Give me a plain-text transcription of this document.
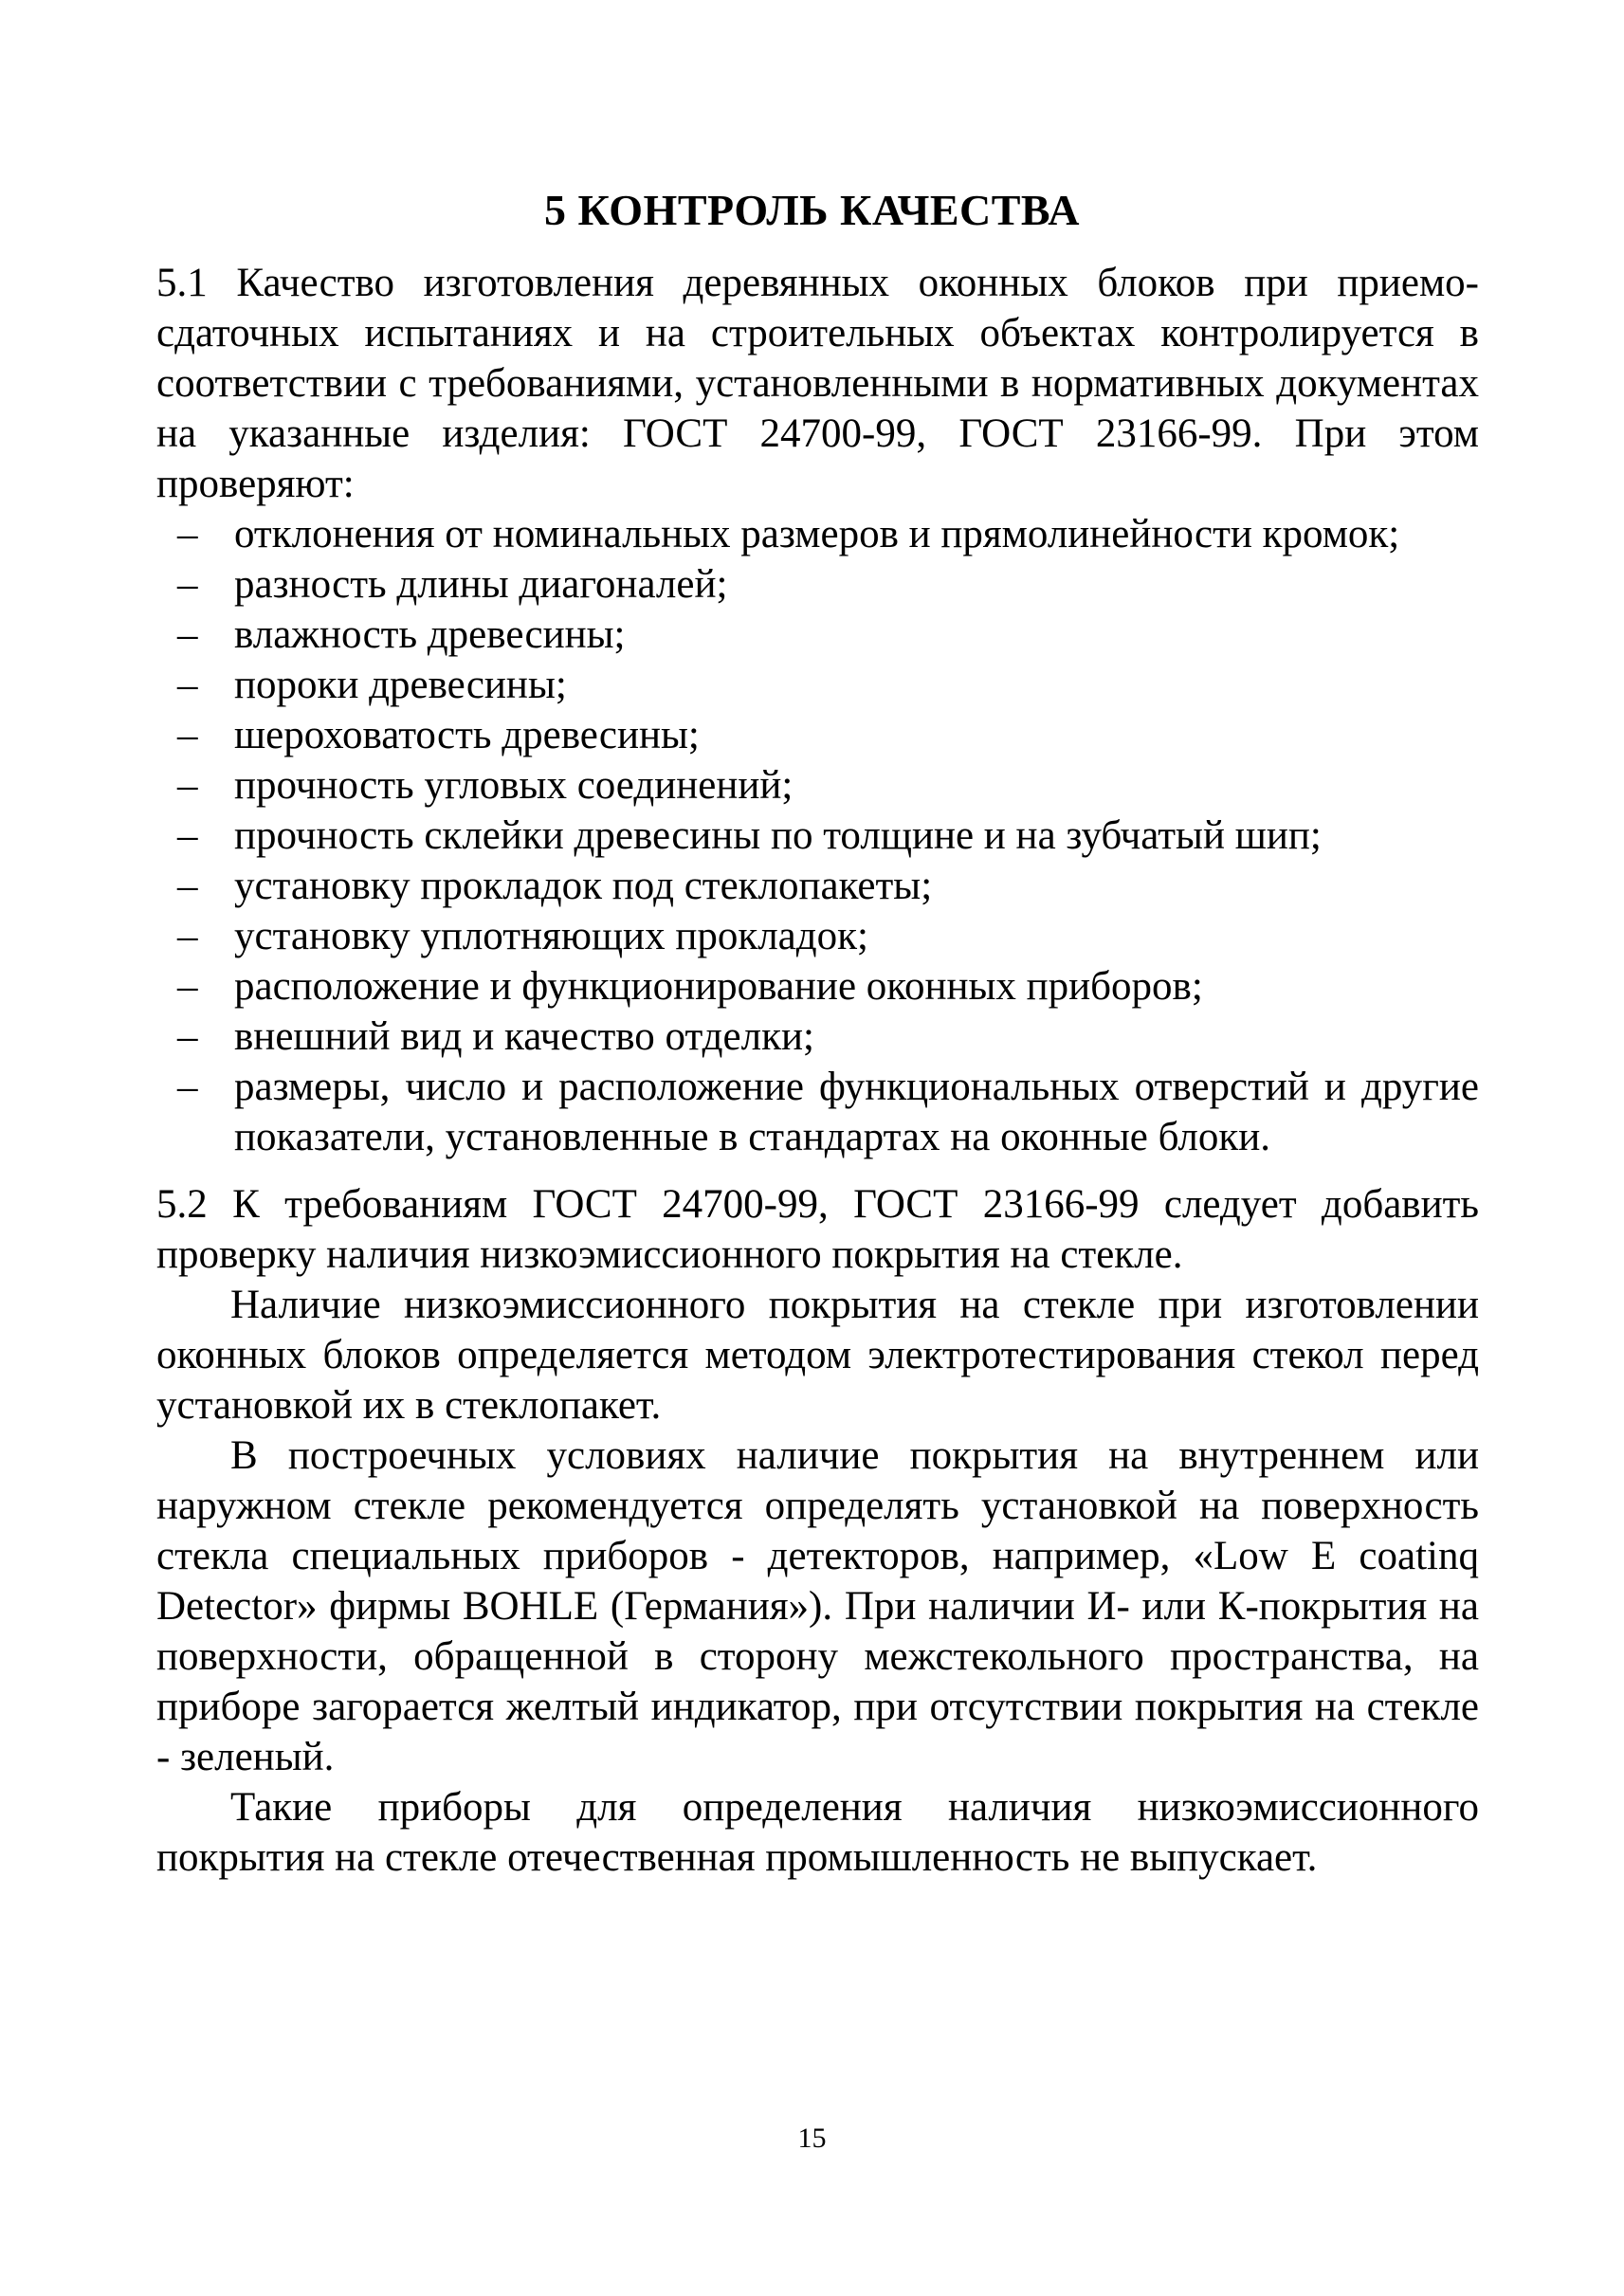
5 КОНТРОЛЬ КАЧЕСТВА

5.1 Качество изготовления деревянных оконных блоков при приемо-сдаточных испытаниях и на строительных объектах контролируется в соответствии с требованиями, установленными в нормативных документах на указанные изделия: ГОСТ 24700-99, ГОСТ 23166-99. При этом проверяют:

– отклонения от номинальных размеров и прямолинейности кромок;
– разность длины диагоналей;
– влажность древесины;
– пороки древесины;
– шероховатость древесины;
– прочность угловых соединений;
– прочность склейки древесины по толщине и на зубчатый шип;
– установку прокладок под стеклопакеты;
– установку уплотняющих прокладок;
– расположение и функционирование оконных приборов;
– внешний вид и качество отделки;
– размеры, число и расположение функциональных отверстий и другие показатели, установленные в стандартах на оконные блоки.

5.2 К требованиям ГОСТ 24700-99, ГОСТ 23166-99 следует добавить проверку наличия низкоэмиссионного покрытия на стекле.

Наличие низкоэмиссионного покрытия на стекле при изготовлении оконных блоков определяется методом электротестирования стекол перед установкой их в стеклопакет.

В построечных условиях наличие покрытия на внутреннем или наружном стекле рекомендуется определять установкой на поверхность стекла специальных приборов - детекторов, например, «Low E coatinq Detector» фирмы BOHLE (Германия»). При наличии И- или К-покрытия на поверхности, обращенной в сторону межстекольного пространства, на приборе загорается желтый индикатор, при отсутствии покрытия на стекле - зеленый.

Такие приборы для определения наличия низкоэмиссионного покрытия на стекле отечественная промышленность не выпускает.

15
